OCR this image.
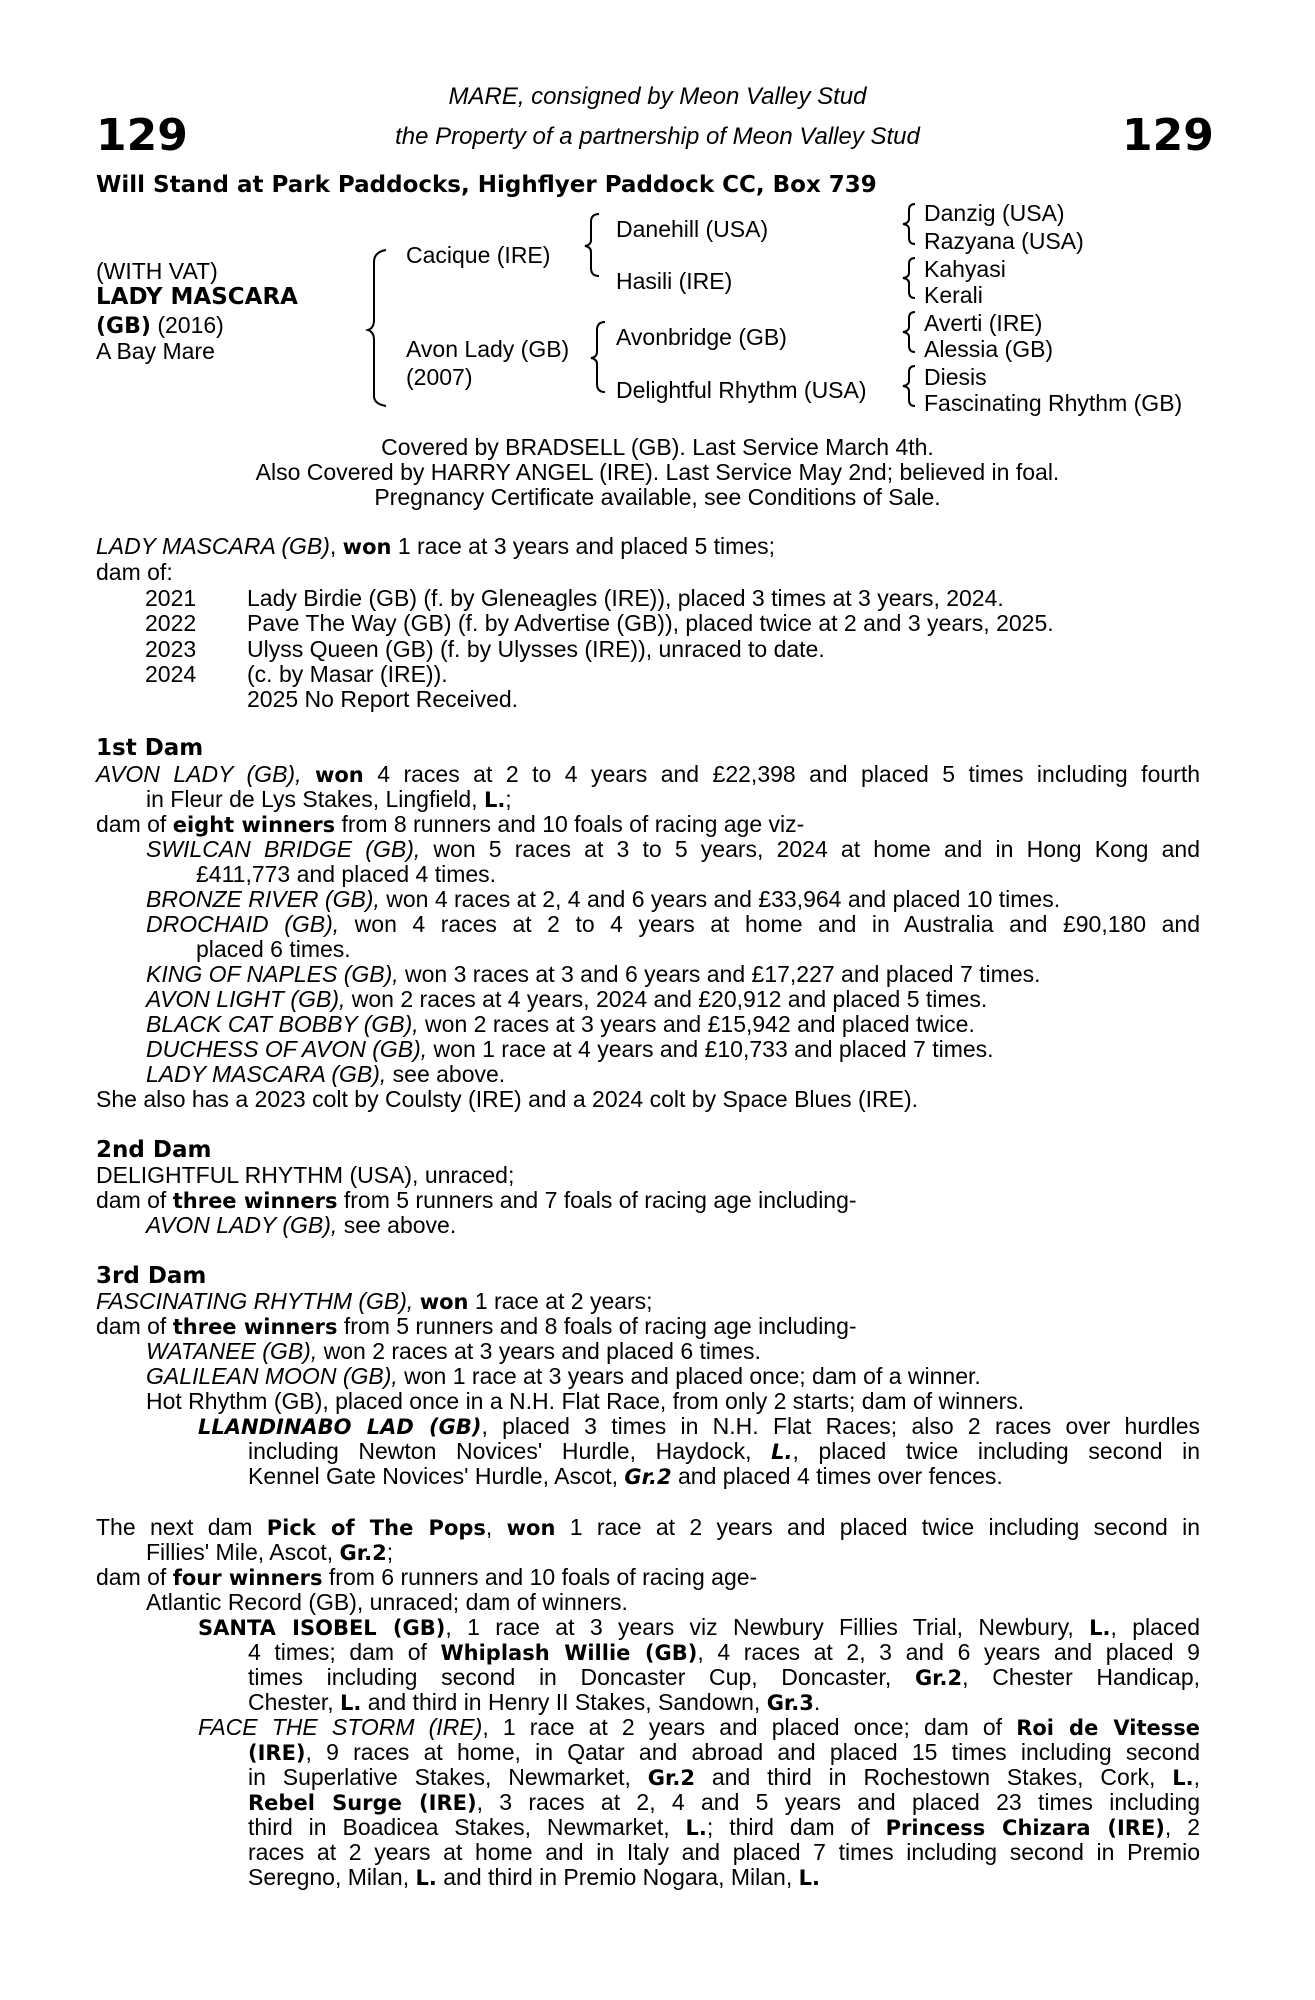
129	129
MARE, consigned by Meon Valley Stud
the Property of a partnership of Meon Valley Stud
Will Stand at Park Paddocks, Highflyer Paddock CC, Box 739
(WITH VAT)
LADY MASCARA
(GB) (2016)
A Bay Mare
Cacique (IRE)
Avon Lady (GB)
(2007)
Danehill (USA)
Hasili (IRE)
Avonbridge (GB)
Delightful Rhythm (USA)
Danzig (USA)
Razyana (USA)
Kahyasi
Kerali
Averti (IRE)
Alessia (GB)
Diesis
Fascinating Rhythm (GB)
Covered by BRADSELL (GB). Last Service March 4th.
Also Covered by HARRY ANGEL (IRE). Last Service May 2nd; believed in foal.
Pregnancy Certificate available, see Conditions of Sale.
LADY MASCARA (GB), won 1 race at 3 years and placed 5 times;
dam of:
2021 Lady Birdie (GB) (f. by Gleneagles (IRE)), placed 3 times at 3 years, 2024.
2022 Pave The Way (GB) (f. by Advertise (GB)), placed twice at 2 and 3 years, 2025.
2023 Ulyss Queen (GB) (f. by Ulysses (IRE)), unraced to date.
2024 (c. by Masar (IRE)).
2025 No Report Received.
1st Dam
AVON LADY (GB), won 4 races at 2 to 4 years and £22,398 and placed 5 times including fourth
in Fleur de Lys Stakes, Lingfield, L.;
dam of eight winners from 8 runners and 10 foals of racing age viz-
SWILCAN BRIDGE (GB), won 5 races at 3 to 5 years, 2024 at home and in Hong Kong and
£411,773 and placed 4 times.
BRONZE RIVER (GB), won 4 races at 2, 4 and 6 years and £33,964 and placed 10 times.
DROCHAID (GB), won 4 races at 2 to 4 years at home and in Australia and £90,180 and
placed 6 times.
KING OF NAPLES (GB), won 3 races at 3 and 6 years and £17,227 and placed 7 times.
AVON LIGHT (GB), won 2 races at 4 years, 2024 and £20,912 and placed 5 times.
BLACK CAT BOBBY (GB), won 2 races at 3 years and £15,942 and placed twice.
DUCHESS OF AVON (GB), won 1 race at 4 years and £10,733 and placed 7 times.
LADY MASCARA (GB), see above.
She also has a 2023 colt by Coulsty (IRE) and a 2024 colt by Space Blues (IRE).
2nd Dam
DELIGHTFUL RHYTHM (USA), unraced;
dam of three winners from 5 runners and 7 foals of racing age including-
AVON LADY (GB), see above.
3rd Dam
FASCINATING RHYTHM (GB), won 1 race at 2 years;
dam of three winners from 5 runners and 8 foals of racing age including-
WATANEE (GB), won 2 races at 3 years and placed 6 times.
GALILEAN MOON (GB), won 1 race at 3 years and placed once; dam of a winner.
Hot Rhythm (GB), placed once in a N.H. Flat Race, from only 2 starts; dam of winners.
LLANDINABO LAD (GB), placed 3 times in N.H. Flat Races; also 2 races over hurdles
including Newton Novices' Hurdle, Haydock, L., placed twice including second in
Kennel Gate Novices' Hurdle, Ascot, Gr.2 and placed 4 times over fences.
The next dam Pick of The Pops, won 1 race at 2 years and placed twice including second in
Fillies' Mile, Ascot, Gr.2;
dam of four winners from 6 runners and 10 foals of racing age-
Atlantic Record (GB), unraced; dam of winners.
SANTA ISOBEL (GB), 1 race at 3 years viz Newbury Fillies Trial, Newbury, L., placed
4 times; dam of Whiplash Willie (GB), 4 races at 2, 3 and 6 years and placed 9
times including second in Doncaster Cup, Doncaster, Gr.2, Chester Handicap,
Chester, L. and third in Henry II Stakes, Sandown, Gr.3.
FACE THE STORM (IRE), 1 race at 2 years and placed once; dam of Roi de Vitesse
(IRE), 9 races at home, in Qatar and abroad and placed 15 times including second
in Superlative Stakes, Newmarket, Gr.2 and third in Rochestown Stakes, Cork, L.,
Rebel Surge (IRE), 3 races at 2, 4 and 5 years and placed 23 times including
third in Boadicea Stakes, Newmarket, L.; third dam of Princess Chizara (IRE), 2
races at 2 years at home and in Italy and placed 7 times including second in Premio
Seregno, Milan, L. and third in Premio Nogara, Milan, L.
